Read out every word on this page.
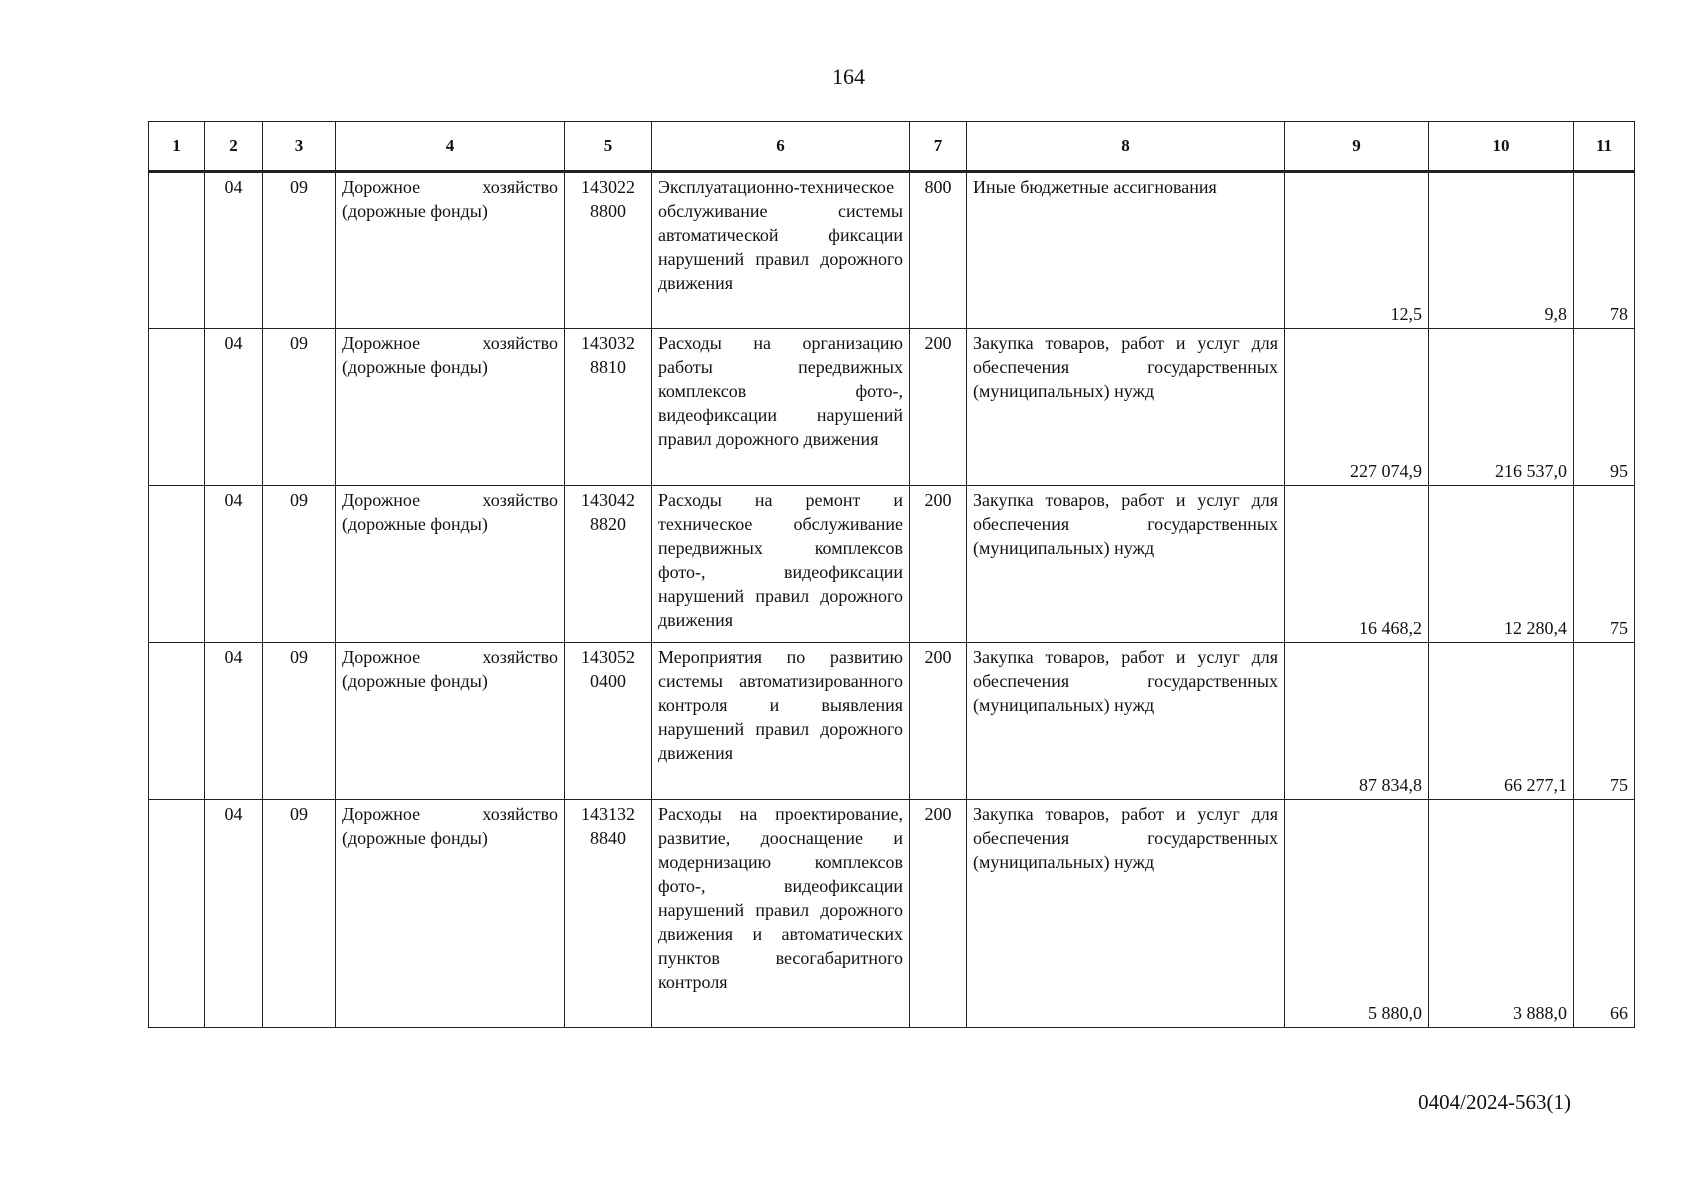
164
1	2	3	4	5	6	7	8	9	10	11
	04	09	Дорожное хозяйство (дорожные фонды)	143022 8800	Эксплуатационно-техническое обслуживание системы автоматической фиксации нарушений правил дорожного движения	800	Иные бюджетные ассигнования	12,5	9,8	78
	04	09	Дорожное хозяйство (дорожные фонды)	143032 8810	Расходы на организацию работы передвижных комплексов фото-, видеофиксации нарушений правил дорожного движения	200	Закупка товаров, работ и услуг для обеспечения государственных (муниципальных) нужд	227 074,9	216 537,0	95
	04	09	Дорожное хозяйство (дорожные фонды)	143042 8820	Расходы на ремонт и техническое обслуживание передвижных комплексов фото-, видеофиксации нарушений правил дорожного движения	200	Закупка товаров, работ и услуг для обеспечения государственных (муниципальных) нужд	16 468,2	12 280,4	75
	04	09	Дорожное хозяйство (дорожные фонды)	143052 0400	Мероприятия по развитию системы автоматизированного контроля и выявления нарушений правил дорожного движения	200	Закупка товаров, работ и услуг для обеспечения государственных (муниципальных) нужд	87 834,8	66 277,1	75
	04	09	Дорожное хозяйство (дорожные фонды)	143132 8840	Расходы на проектирование, развитие, дооснащение и модернизацию комплексов фото-, видеофиксации нарушений правил дорожного движения и автоматических пунктов весогабаритного контроля	200	Закупка товаров, работ и услуг для обеспечения государственных (муниципальных) нужд	5 880,0	3 888,0	66
0404/2024-563(1)
